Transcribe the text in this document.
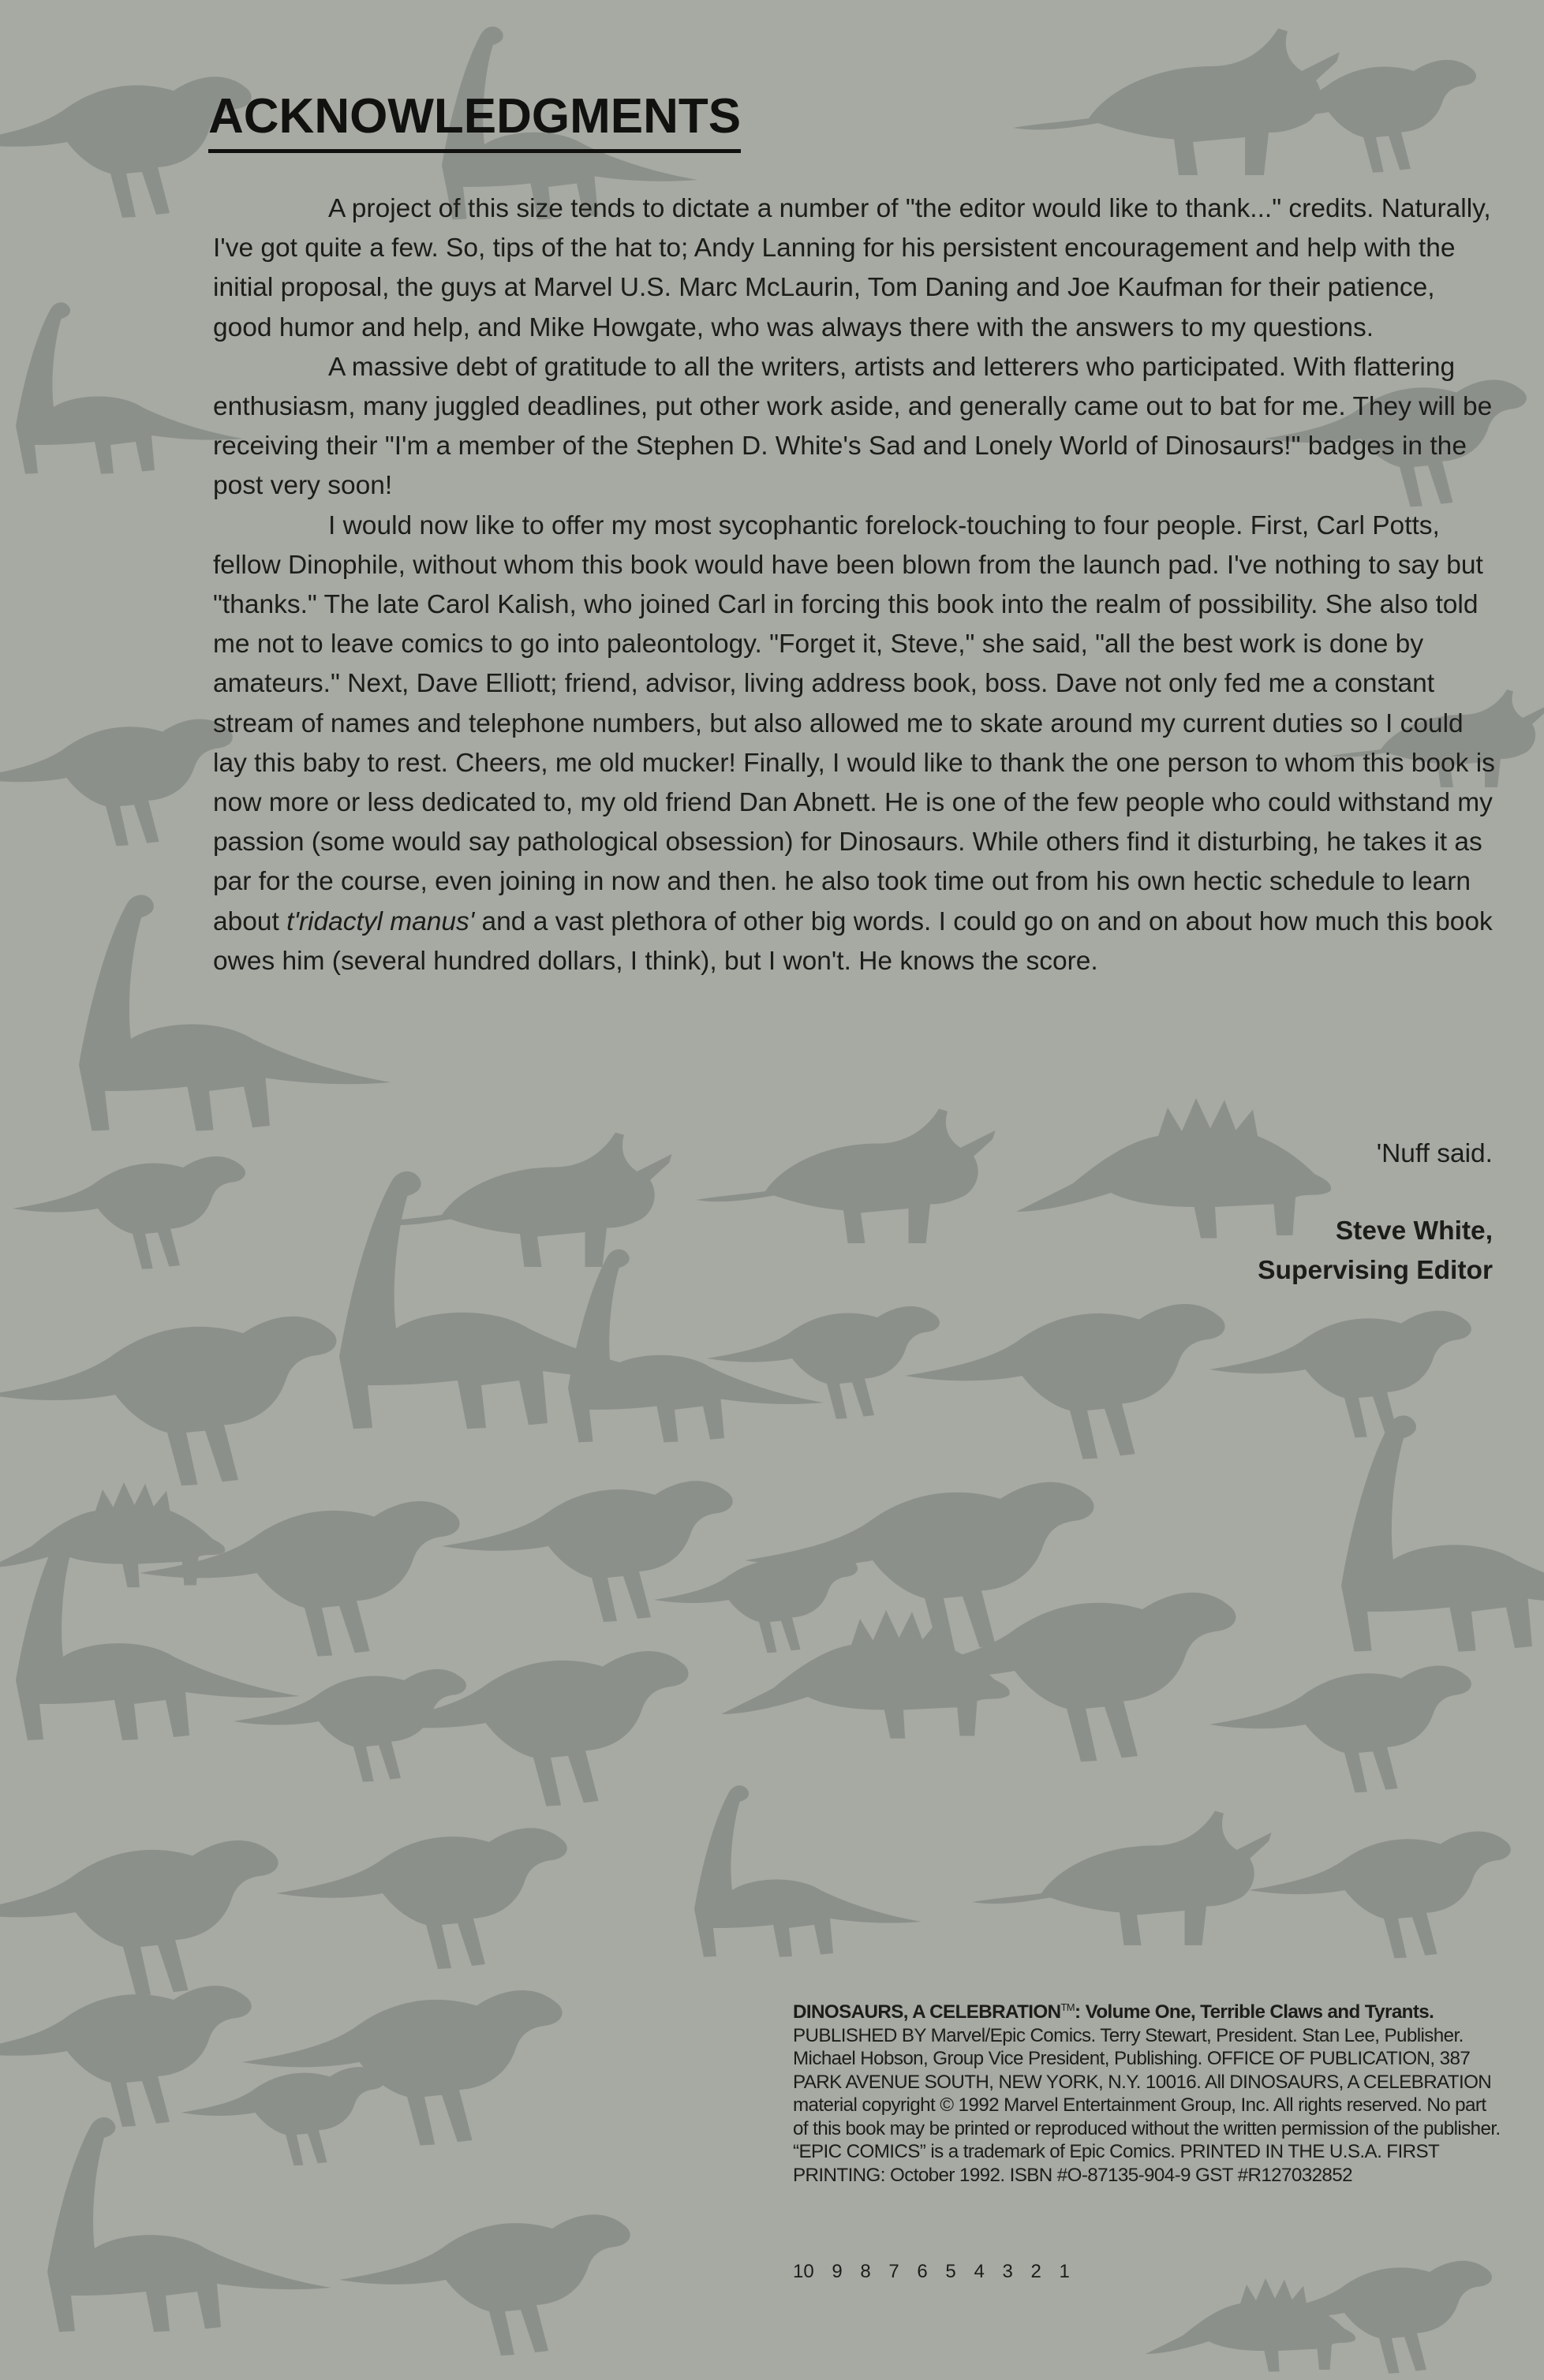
ACKNOWLEDGMENTS

A project of this size tends to dictate a number of "the editor would like to thank..." credits. Naturally, I've got quite a few. So, tips of the hat to; Andy Lanning for his persistent encouragement and help with the initial proposal, the guys at Marvel U.S. Marc McLaurin, Tom Daning and Joe Kaufman for their patience, good humor and help, and Mike Howgate, who was always there with the answers to my questions.

A massive debt of gratitude to all the writers, artists and letterers who participated. With flattering enthusiasm, many juggled deadlines, put other work aside, and generally came out to bat for me. They will be receiving their "I'm a member of the Stephen D. White's Sad and Lonely World of Dinosaurs!" badges in the post very soon!

I would now like to offer my most sycophantic forelock-touching to four people. First, Carl Potts, fellow Dinophile, without whom this book would have been blown from the launch pad. I've nothing to say but "thanks." The late Carol Kalish, who joined Carl in forcing this book into the realm of possibility. She also told me not to leave comics to go into paleontology. "Forget it, Steve," she said, "all the best work is done by amateurs." Next, Dave Elliott; friend, advisor, living address book, boss. Dave not only fed me a constant stream of names and telephone numbers, but also allowed me to skate around my current duties so I could lay this baby to rest. Cheers, me old mucker! Finally, I would like to thank the one person to whom this book is now more or less dedicated to, my old friend Dan Abnett. He is one of the few people who could withstand my passion (some would say pathological obsession) for Dinosaurs. While others find it disturbing, he takes it as par for the course, even joining in now and then. he also took time out from his own hectic schedule to learn about t'ridactyl manus' and a vast plethora of other big words. I could go on and on about how much this book owes him (several hundred dollars, I think), but I won't. He knows the score.

'Nuff said.
Steve White,
Supervising Editor
DINOSAURS, A CELEBRATION™: Volume One, Terrible Claws and Tyrants. PUBLISHED BY Marvel/Epic Comics. Terry Stewart, President. Stan Lee, Publisher. Michael Hobson, Group Vice President, Publishing. OFFICE OF PUBLICATION, 387 PARK AVENUE SOUTH, NEW YORK, N.Y. 10016. All DINOSAURS, A CELEBRATION material copyright © 1992 Marvel Entertainment Group, Inc. All rights reserved. No part of this book may be printed or reproduced without the written permission of the publisher. “EPIC COMICS” is a trademark of Epic Comics. PRINTED IN THE U.S.A. FIRST PRINTING: October 1992. ISBN #O-87135-904-9 GST #R127032852
10 9 8 7 6 5 4 3 2 1
